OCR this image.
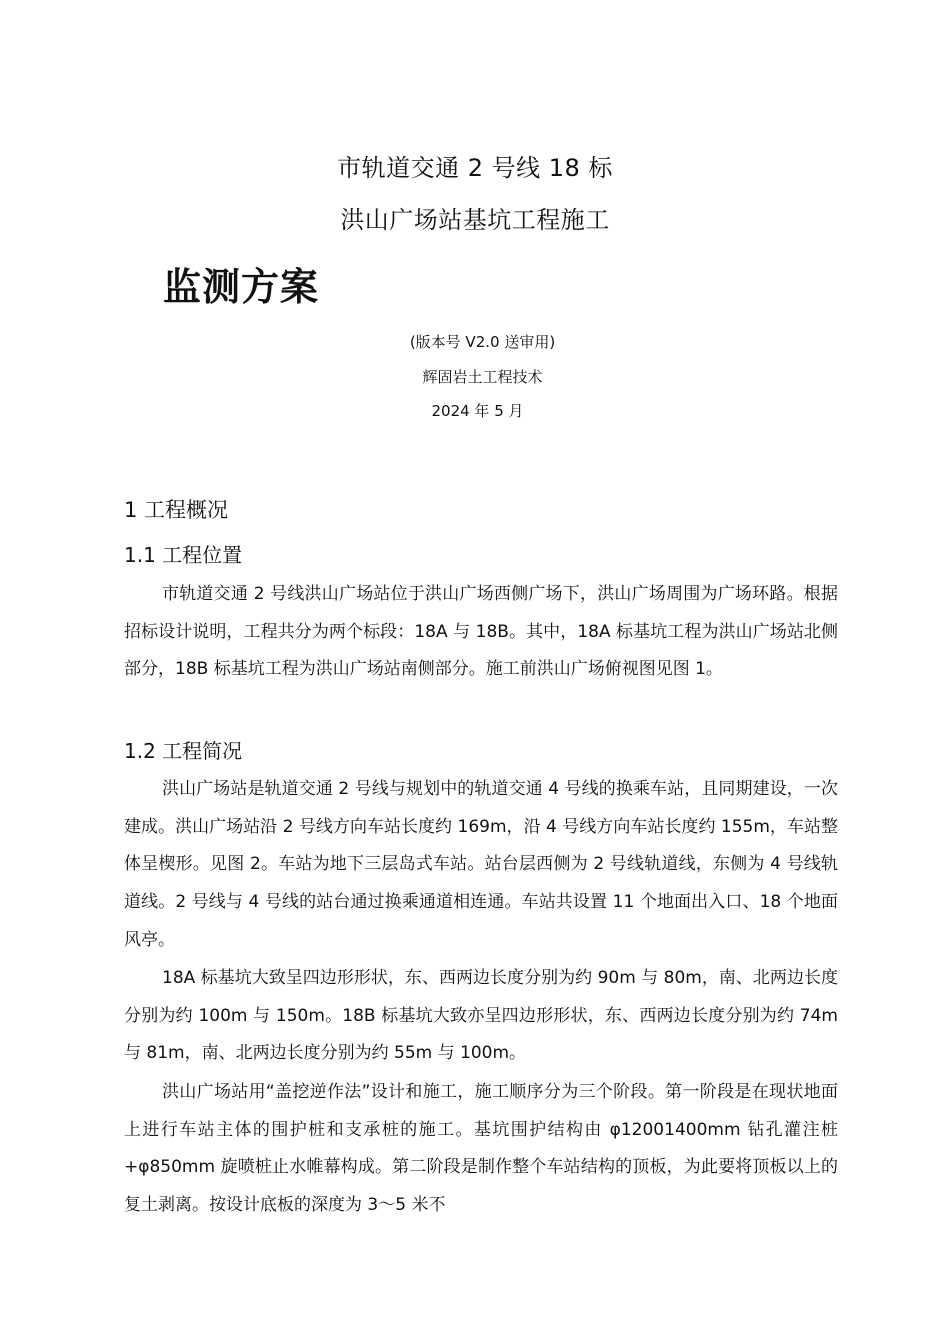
市轨道交通 2 号线 18 标
洪山广场站基坑工程施工
监测方案
(版本号 V2.0 送审用)
辉固岩土工程技术
2024 年 5 月
1 工程概况
1.1 工程位置

市轨道交通 2 号线洪山广场站位于洪山广场西侧广场下，洪山广场周围为广场环路。根据招标设计说明，工程共分为两个标段：18A 与 18B。其中，18A 标基坑工程为洪山广场站北侧部分，18B 标基坑工程为洪山广场站南侧部分。施工前洪山广场俯视图见图 1。

1.2 工程简况

洪山广场站是轨道交通 2 号线与规划中的轨道交通 4 号线的换乘车站，且同期建设，一次建成。洪山广场站沿 2 号线方向车站长度约 169m，沿 4 号线方向车站长度约 155m，车站整体呈楔形。见图 2。车站为地下三层岛式车站。站台层西侧为 2 号线轨道线，东侧为 4 号线轨道线。2 号线与 4 号线的站台通过换乘通道相连通。车站共设置 11 个地面出入口、18 个地面风亭。

18A 标基坑大致呈四边形形状，东、西两边长度分别为约 90m 与 80m，南、北两边长度分别为约 100m 与 150m。18B 标基坑大致亦呈四边形形状，东、西两边长度分别为约 74m 与 81m，南、北两边长度分别为约 55m 与 100m。

洪山广场站用“盖挖逆作法”设计和施工，施工顺序分为三个阶段。第一阶段是在现状地面上进行车站主体的围护桩和支承桩的施工。基坑围护结构由 φ12001400mm 钻孔灌注桩+φ850mm 旋喷桩止水帷幕构成。第二阶段是制作整个车站结构的顶板，为此要将顶板以上的复土剥离。按设计底板的深度为 3～5 米不
